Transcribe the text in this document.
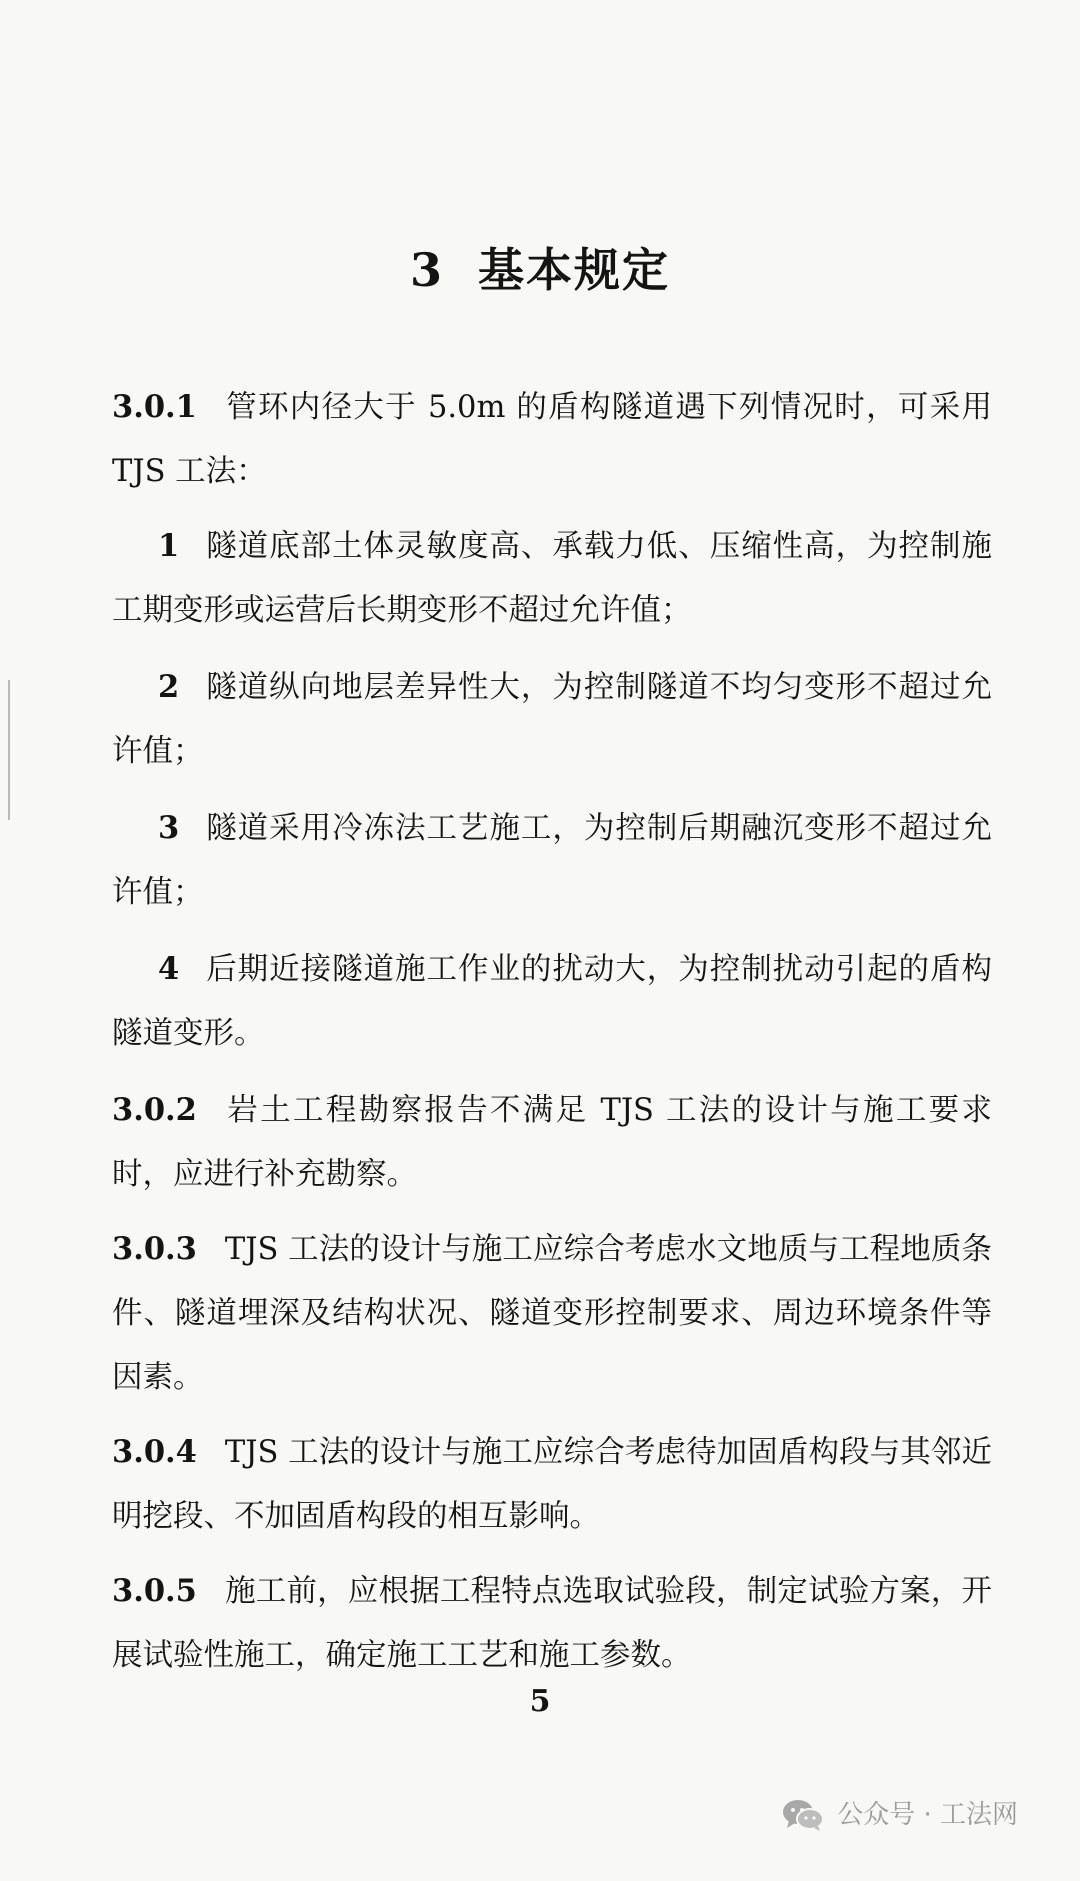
3 基本规定

3.0.1 管环内径大于 5.0m 的盾构隧道遇下列情况时，可采用 TJS 工法：

1 隧道底部土体灵敏度高、承载力低、压缩性高，为控制施工期变形或运营后长期变形不超过允许值；

2 隧道纵向地层差异性大，为控制隧道不均匀变形不超过允许值；

3 隧道采用冷冻法工艺施工，为控制后期融沉变形不超过允许值；

4 后期近接隧道施工作业的扰动大，为控制扰动引起的盾构隧道变形。

3.0.2 岩土工程勘察报告不满足 TJS 工法的设计与施工要求时，应进行补充勘察。

3.0.3 TJS 工法的设计与施工应综合考虑水文地质与工程地质条件、隧道埋深及结构状况、隧道变形控制要求、周边环境条件等因素。

3.0.4 TJS 工法的设计与施工应综合考虑待加固盾构段与其邻近明挖段、不加固盾构段的相互影响。

3.0.5 施工前，应根据工程特点选取试验段，制定试验方案，开展试验性施工，确定施工工艺和施工参数。

5
公众号 · 工法网
